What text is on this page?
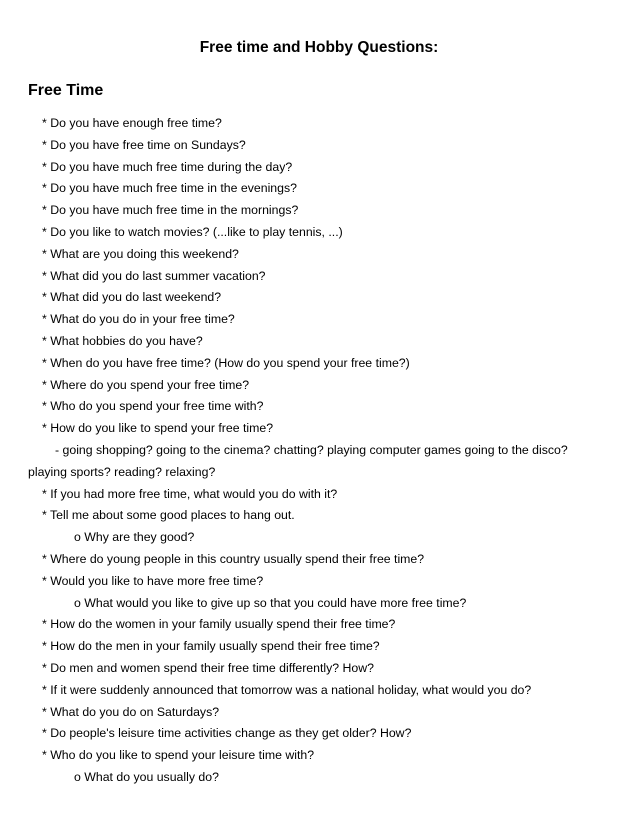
Free time and Hobby Questions:
Free Time
* Do you have enough free time?
* Do you have free time on Sundays?
* Do you have much free time during the day?
* Do you have much free time in the evenings?
* Do you have much free time in the mornings?
* Do you like to watch movies? (...like to play tennis, ...)
* What are you doing this weekend?
* What did you do last summer vacation?
* What did you do last weekend?
* What do you do in your free time?
* What hobbies do you have?
* When do you have free time? (How do you spend your free time?)
* Where do you spend your free time?
* Who do you spend your free time with?
* How do you like to spend your free time?
- going shopping? going to the cinema? chatting? playing computer games going to the disco?
playing sports? reading? relaxing?
* If you had more free time, what would you do with it?
* Tell me about some good places to hang out.
o Why are they good?
* Where do young people in this country usually spend their free time?
* Would you like to have more free time?
o What would you like to give up so that you could have more free time?
* How do the women in your family usually spend their free time?
* How do the men in your family usually spend their free time?
* Do men and women spend their free time differently? How?
* If it were suddenly announced that tomorrow was a national holiday, what would you do?
* What do you do on Saturdays?
* Do people's leisure time activities change as they get older? How?
* Who do you like to spend your leisure time with?
o What do you usually do?
